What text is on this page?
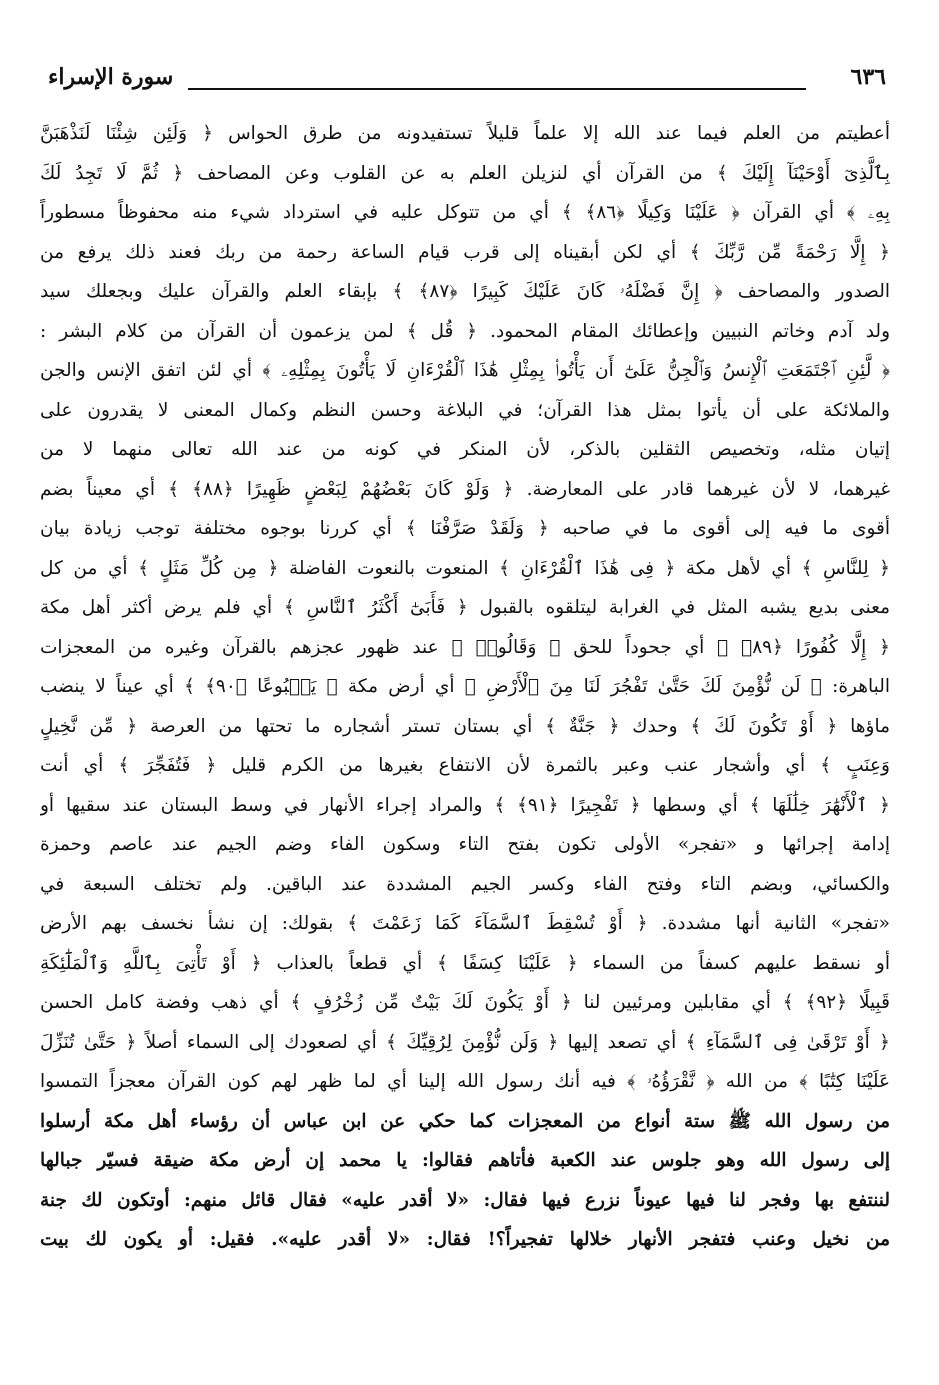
٦٣٦
سورة الإسراء
أعطيتم من العلم فيما عند الله إلا علماً قليلاً تستفيدونه من طرق الحواس ﴿ وَلَئِن شِئْنَا لَنَذْهَبَنَّ
بِٱلَّذِىٓ أَوْحَيْنَآ إِلَيْكَ ﴾ من القرآن أي لنزيلن العلم به عن القلوب وعن المصاحف ﴿ ثُمَّ لَا تَجِدُ لَكَ
بِهِۦ ﴾ أي القرآن ﴿ عَلَيْنَا وَكِيلًا ﴿٨٦﴾ ﴾ أي من تتوكل عليه في استرداد شيء منه محفوظاً مسطوراً
﴿ إِلَّا رَحْمَةً مِّن رَّبِّكَ ﴾ أي لكن أبقيناه إلى قرب قيام الساعة رحمة من ربك فعند ذلك يرفع من
الصدور والمصاحف ﴿ إِنَّ فَضْلَهُۥ كَانَ عَلَيْكَ كَبِيرًا ﴿٨٧﴾ ﴾ بإبقاء العلم والقرآن عليك وبجعلك سيد
ولد آدم وخاتم النبيين وإعطائك المقام المحمود. ﴿ قُل ﴾ لمن يزعمون أن القرآن من كلام البشر :
﴿ لَّئِنِ ٱجْتَمَعَتِ ٱلْإِنسُ وَٱلْجِنُّ عَلَىٰٓ أَن يَأْتُوا۟ بِمِثْلِ هَٰذَا ٱلْقُرْءَانِ لَا يَأْتُونَ بِمِثْلِهِۦ ﴾ أي لئن اتفق الإنس والجن
والملائكة على أن يأتوا بمثل هذا القرآن؛ في البلاغة وحسن النظم وكمال المعنى لا يقدرون على
إتيان مثله، وتخصيص الثقلين بالذكر، لأن المنكر في كونه من عند الله تعالى منهما لا من
غيرهما، لا لأن غيرهما قادر على المعارضة. ﴿ وَلَوْ كَانَ بَعْضُهُمْ لِبَعْضٍ ظَهِيرًا ﴿٨٨﴾ ﴾ أي معيناً بضم
أقوى ما فيه إلى أقوى ما في صاحبه ﴿ وَلَقَدْ صَرَّفْنَا ﴾ أي كررنا بوجوه مختلفة توجب زيادة بيان
﴿ لِلنَّاسِ ﴾ أي لأهل مكة ﴿ فِى هَٰذَا ٱلْقُرْءَانِ ﴾ المنعوت بالنعوت الفاضلة ﴿ مِن كُلِّ مَثَلٍ ﴾ أي من كل
معنى بديع يشبه المثل في الغرابة ليتلقوه بالقبول ﴿ فَأَبَىٰٓ أَكْثَرُ ٱلنَّاسِ ﴾ أي فلم يرض أكثر أهل مكة
﴿ إِلَّا كُفُورًا ﴿٨٩﴾ ﴾ أي جحوداً للحق ﴿ وَقَالُوا۟ ﴾ عند ظهور عجزهم بالقرآن وغيره من المعجزات
الباهرة: ﴿ لَن نُّؤْمِنَ لَكَ حَتَّىٰ تَفْجُرَ لَنَا مِنَ ٱلْأَرْضِ ﴾ أي أرض مكة ﴿ يَنۢبُوعًا ﴿٩٠﴾ ﴾ أي عيناً لا ينضب
ماؤها ﴿ أَوْ تَكُونَ لَكَ ﴾ وحدك ﴿ جَنَّةٌ ﴾ أي بستان تستر أشجاره ما تحتها من العرصة ﴿ مِّن نَّخِيلٍ
وَعِنَبٍ ﴾ أي وأشجار عنب وعبر بالثمرة لأن الانتفاع بغيرها من الكرم قليل ﴿ فَتُفَجِّرَ ﴾ أي أنت
﴿ ٱلْأَنْهَٰرَ خِلَٰلَهَا ﴾ أي وسطها ﴿ تَفْجِيرًا ﴿٩١﴾ ﴾ والمراد إجراء الأنهار في وسط البستان عند سقيها أو
إدامة إجرائها و «تفجر» الأولى تكون بفتح التاء وسكون الفاء وضم الجيم عند عاصم وحمزة
والكسائي، وبضم التاء وفتح الفاء وكسر الجيم المشددة عند الباقين. ولم تختلف السبعة في
«تفجر» الثانية أنها مشددة. ﴿ أَوْ تُسْقِطَ ٱلسَّمَآءَ كَمَا زَعَمْتَ ﴾ بقولك: إن نشأ نخسف بهم الأرض
أو نسقط عليهم كسفاً من السماء ﴿ عَلَيْنَا كِسَفًا ﴾ أي قطعاً بالعذاب ﴿ أَوْ تَأْتِىَ بِٱللَّهِ وَٱلْمَلَٰٓئِكَةِ
قَبِيلًا ﴿٩٢﴾ ﴾ أي مقابلين ومرئيين لنا ﴿ أَوْ يَكُونَ لَكَ بَيْتٌ مِّن زُخْرُفٍ ﴾ أي ذهب وفضة كامل الحسن
﴿ أَوْ تَرْقَىٰ فِى ٱلسَّمَآءِ ﴾ أي تصعد إليها ﴿ وَلَن نُّؤْمِنَ لِرُقِيِّكَ ﴾ أي لصعودك إلى السماء أصلاً ﴿ حَتَّىٰ تُنَزِّلَ
عَلَيْنَا كِتَٰبًا ﴾ من الله ﴿ نَّقْرَؤُهُۥ ﴾ فيه أنك رسول الله إلينا أي لما ظهر لهم كون القرآن معجزاً التمسوا
من رسول الله ﷺ ستة أنواع من المعجزات كما حكي عن ابن عباس أن رؤساء أهل مكة أرسلوا
إلى رسول الله وهو جلوس عند الكعبة فأتاهم فقالوا: يا محمد إن أرض مكة ضيقة فسيّر جبالها
لننتفع بها وفجر لنا فيها عيوناً نزرع فيها فقال: «لا أقدر عليه» فقال قائل منهم: أوتكون لك جنة
من نخيل وعنب فتفجر الأنهار خلالها تفجيراً؟! فقال: «لا أقدر عليه». فقيل: أو يكون لك بيت
